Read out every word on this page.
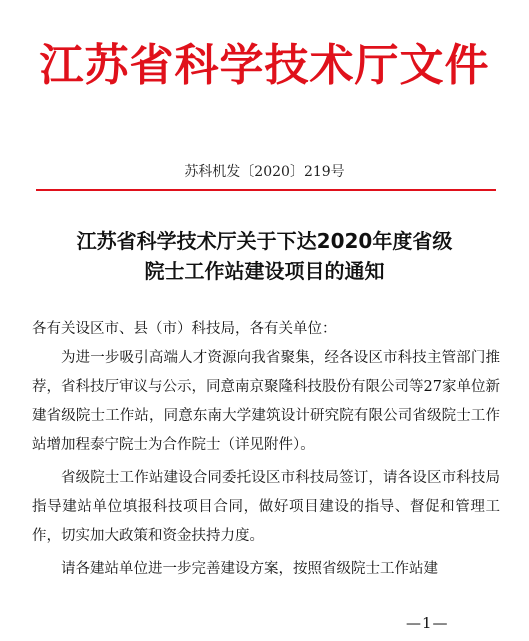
江苏省科学技术厅文件
苏科机发〔2020〕219号
江苏省科学技术厅关于下达2020年度省级
院士工作站建设项目的通知

各有关设区市、县（市）科技局，各有关单位：

为进一步吸引高端人才资源向我省聚集，经各设区市科技主管部门推荐，省科技厅审议与公示，同意南京聚隆科技股份有限公司等27家单位新建省级院士工作站，同意东南大学建筑设计研究院有限公司省级院士工作站增加程泰宁院士为合作院士（详见附件）。

省级院士工作站建设合同委托设区市科技局签订，请各设区市科技局指导建站单位填报科技项目合同，做好项目建设的指导、督促和管理工作，切实加大政策和资金扶持力度。

请各建站单位进一步完善建设方案，按照省级院士工作站建

—1—
